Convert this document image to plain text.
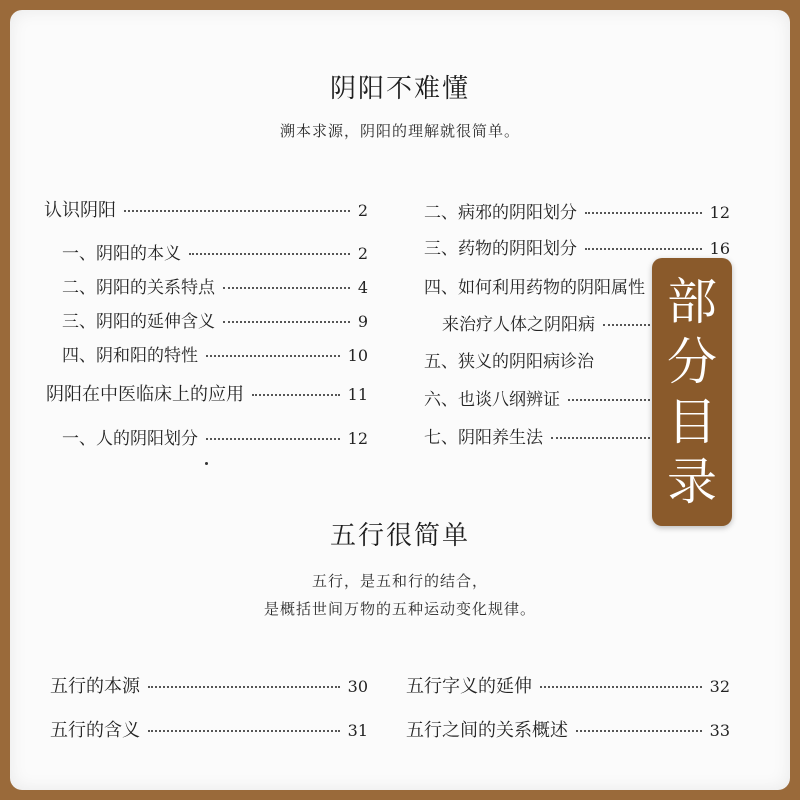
阴阳不难懂
溯本求源，阴阳的理解就很简单。
认识阴阳	2
一、阴阳的本义	2
二、阴阳的关系特点	4
三、阴阳的延伸含义	9
四、阴和阳的特性	10
阴阳在中医临床上的应用	11
一、人的阴阳划分	12
二、病邪的阴阳划分	12
三、药物的阴阳划分	16
四、如何利用药物的阴阳属性
来治疗人体之阴阳病
五、狭义的阴阳病诊治
六、也谈八纲辨证
七、阴阳养生法
五行很简单
五行，是五和行的结合，
是概括世间万物的五种运动变化规律。
五行的本源	30
五行的含义	31
五行字义的延伸	32
五行之间的关系概述	33
部
分
目
录
